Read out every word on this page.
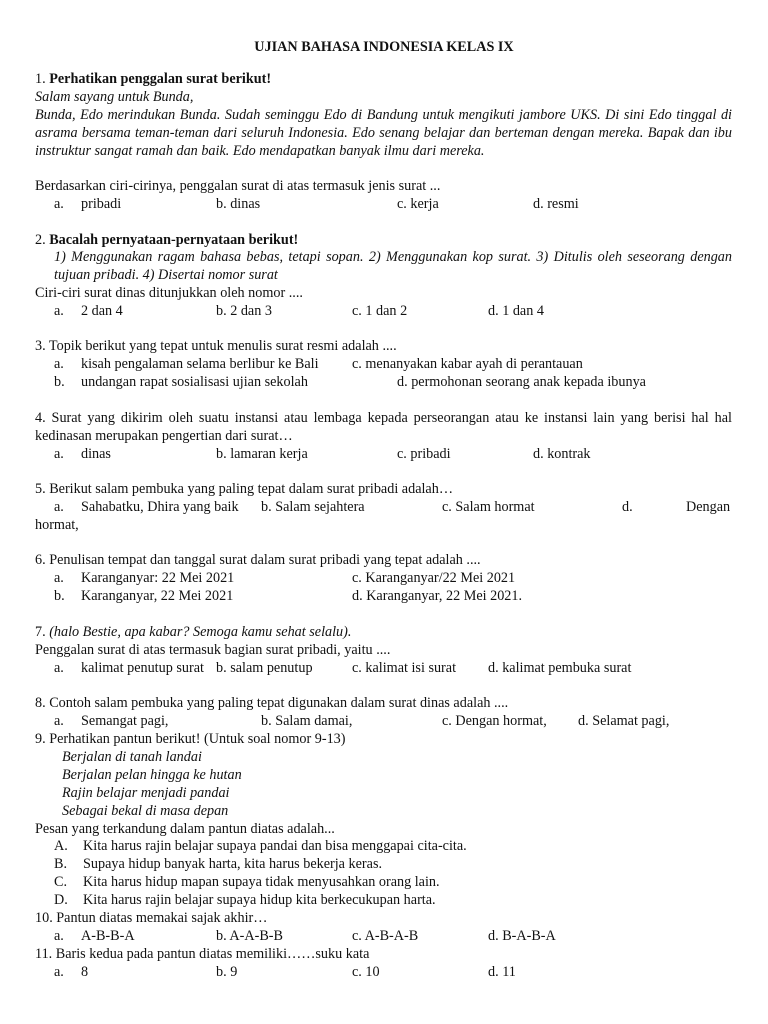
UJIAN BAHASA INDONESIA KELAS IX
1. Perhatikan penggalan surat berikut!
Salam sayang untuk Bunda,
Bunda, Edo merindukan Bunda. Sudah seminggu Edo di Bandung untuk mengikuti jambore UKS. Di sini Edo tinggal di asrama bersama teman-teman dari seluruh Indonesia. Edo senang belajar dan berteman dengan mereka. Bapak dan ibu instruktur sangat ramah dan baik. Edo mendapatkan banyak ilmu dari mereka.
Berdasarkan ciri-cirinya, penggalan surat di atas termasuk jenis surat ...
a. pribadi	b. dinas	c. kerja	d. resmi
2. Bacalah pernyataan-pernyataan berikut!
1) Menggunakan ragam bahasa bebas, tetapi sopan. 2) Menggunakan kop surat. 3) Ditulis oleh seseorang dengan tujuan pribadi. 4) Disertai nomor surat
Ciri-ciri surat dinas ditunjukkan oleh nomor ....
a. 2 dan 4	b. 2 dan 3	c. 1 dan 2	d. 1 dan 4
3. Topik berikut yang tepat untuk menulis surat resmi adalah ....
a. kisah pengalaman selama berlibur ke Bali c. menanyakan kabar ayah di perantauan
b. undangan rapat sosialisasi ujian sekolah	d. permohonan seorang anak kepada ibunya
4. Surat yang dikirim oleh suatu instansi atau lembaga kepada perseorangan atau ke instansi lain yang berisi hal hal kedinasan merupakan pengertian dari surat…
a. dinas	b. lamaran kerja	c. pribadi	d. kontrak
5. Berikut salam pembuka yang paling tepat dalam surat pribadi adalah…
a. Sahabatku, Dhira yang baik b. Salam sejahtera	c. Salam hormat	d.	Dengan
hormat,
6. Penulisan tempat dan tanggal surat dalam surat pribadi yang tepat adalah ....
a. Karanganyar: 22 Mei 2021	c. Karanganyar/22 Mei 2021
b. Karanganyar, 22 Mei 2021	d. Karanganyar, 22 Mei 2021.
7. (halo Bestie, apa kabar? Semoga kamu sehat selalu).
Penggalan surat di atas termasuk bagian surat pribadi, yaitu ....
a. kalimat penutup surat b. salam penutup	c. kalimat isi surat d. kalimat pembuka surat
8. Contoh salam pembuka yang paling tepat digunakan dalam surat dinas adalah ....
a. Semangat pagi,	b. Salam damai,	c. Dengan hormat, d. Selamat pagi,
9. Perhatikan pantun berikut! (Untuk soal nomor 9-13)
Berjalan di tanah landai
Berjalan pelan hingga ke hutan
Rajin belajar menjadi pandai
Sebagai bekal di masa depan
Pesan yang terkandung dalam pantun diatas adalah...
A. Kita harus rajin belajar supaya pandai dan bisa menggapai cita-cita.
B. Supaya hidup banyak harta, kita harus bekerja keras.
C. Kita harus hidup mapan supaya tidak menyusahkan orang lain.
D. Kita harus rajin belajar supaya hidup kita berkecukupan harta.
10. Pantun diatas memakai sajak akhir…
a. A-B-B-A	b. A-A-B-B	c. A-B-A-B	d. B-A-B-A
11. Baris kedua pada pantun diatas memiliki……suku kata
a. 8	b. 9	c. 10	d. 11
